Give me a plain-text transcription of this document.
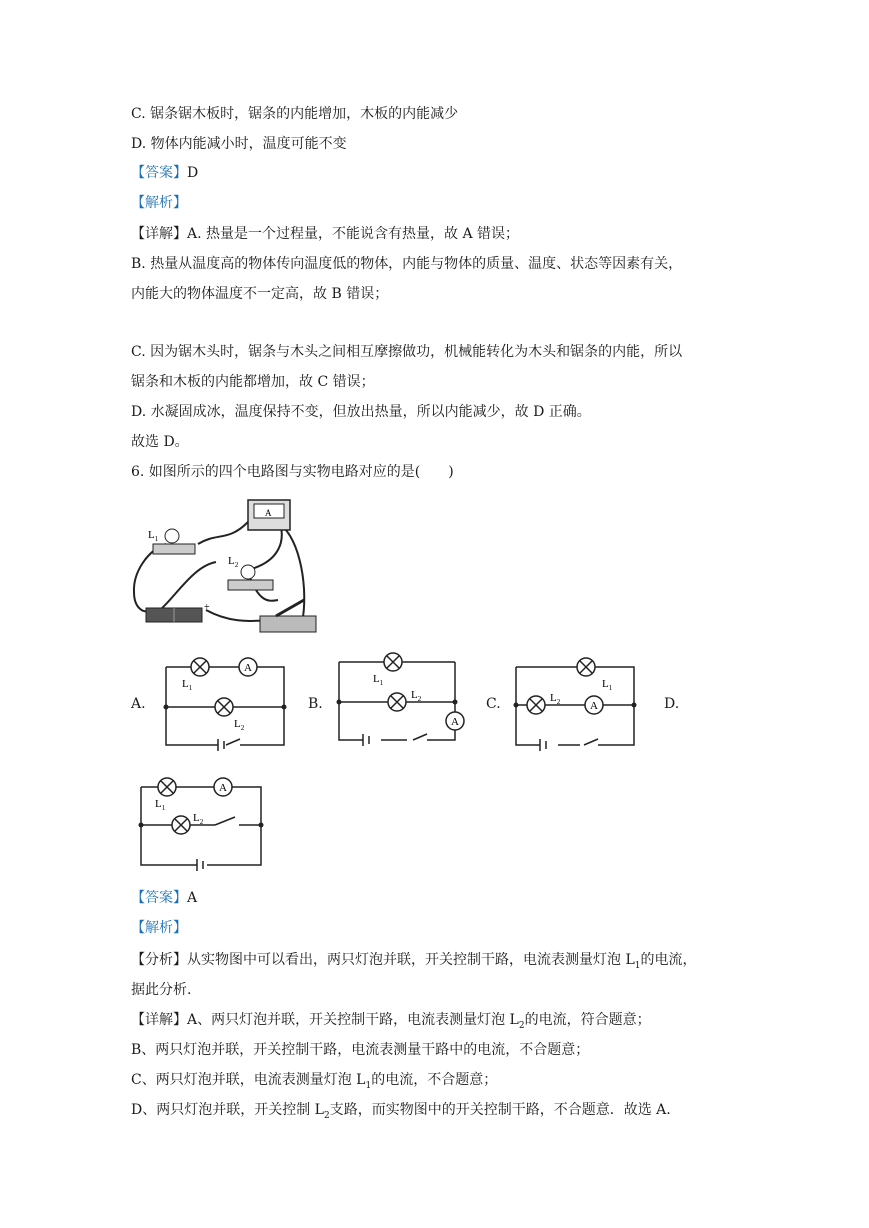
C. 锯条锯木板时，锯条的内能增加，木板的内能减少
D. 物体内能减小时，温度可能不变
【答案】D
【解析】
【详解】A. 热量是一个过程量，不能说含有热量，故 A 错误；
B. 热量从温度高的物体传向温度低的物体，内能与物体的质量、温度、状态等因素有关，
内能大的物体温度不一定高，故 B 错误；
C. 因为锯木头时，锯条与木头之间相互摩擦做功，机械能转化为木头和锯条的内能，所以
锯条和木板的内能都增加，故 C 错误；
D. 水凝固成冰，温度保持不变，但放出热量，所以内能减少，故 D 正确。
故选 D。
6. 如图所示的四个电路图与实物电路对应的是(　　)
A
$L_1$
$L_2$
+
A.	B.	C.	D.
A
$L_1$
$L_2$	A
$L_1$
$L_2$
A
$L_1$
$L_2$
A
$L_1$
$L_2$
【答案】A
【解析】
【分析】从实物图中可以看出，两只灯泡并联，开关控制干路，电流表测量灯泡 $L_1$的电流，
据此分析.
【详解】A、两只灯泡并联，开关控制干路，电流表测量灯泡 $L_2$的电流，符合题意；
B、两只灯泡并联，开关控制干路，电流表测量干路中的电流，不合题意；
C、两只灯泡并联，电流表测量灯泡 $L_1$的电流，不合题意；
D、两只灯泡并联，开关控制 $L_2$支路，而实物图中的开关控制干路，不合题意．故选 A.
